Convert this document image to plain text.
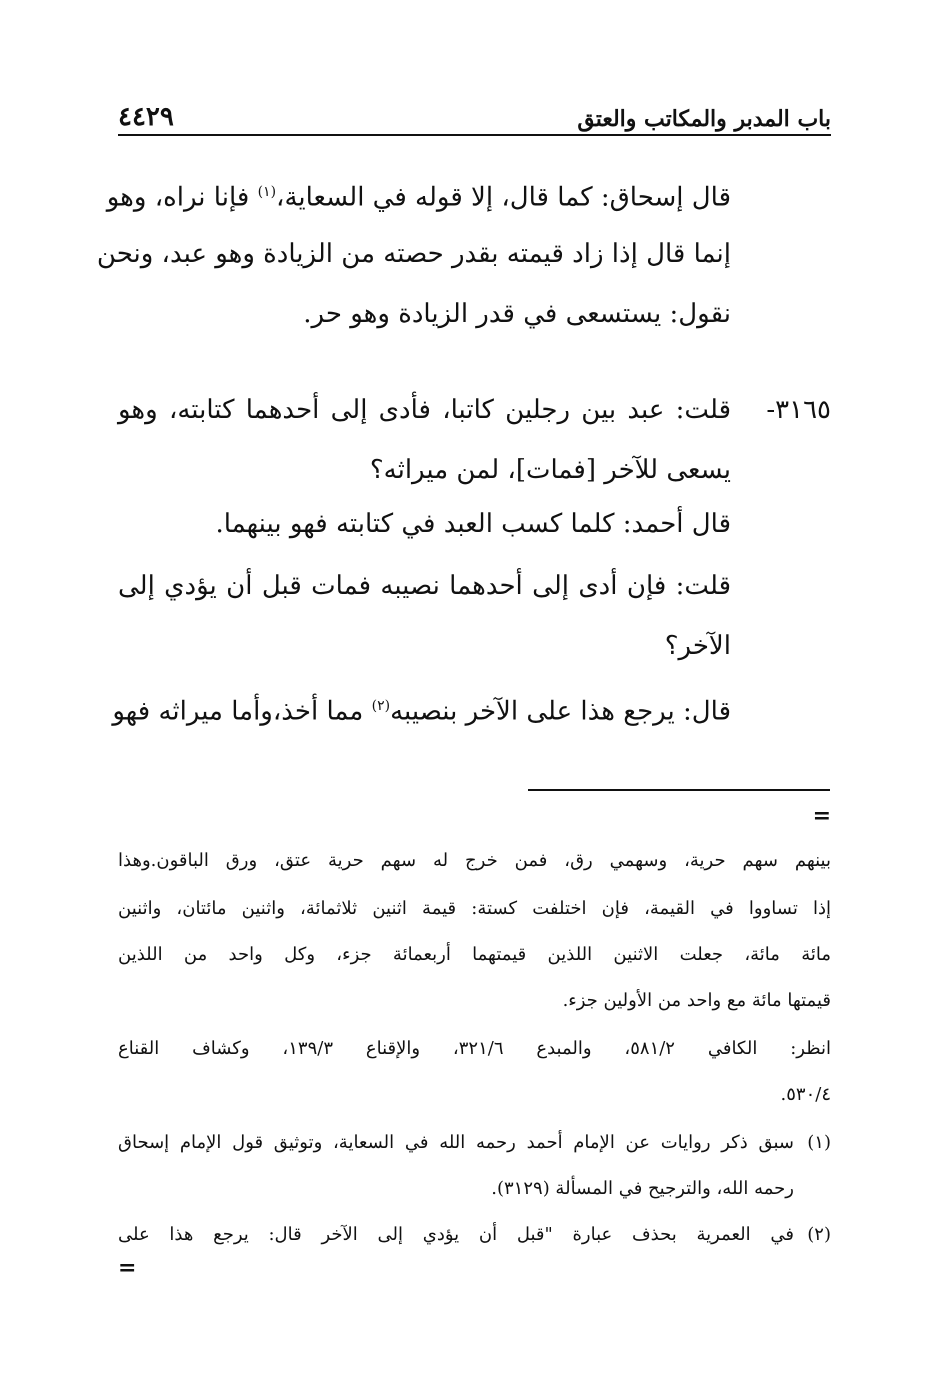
باب المدبر والمكاتب والعتق
٤٤٢٩
قال إسحاق: كما قال، إلا قوله في السعاية،$^{(١)}$ فإنا نراه، وهو
إنما قال إذا زاد قيمته بقدر حصته من الزيادة وهو عبد، ونحن
نقول: يستسعى في قدر الزيادة وهو حر.
٣١٦٥-
قلت: عبد بين رجلين كاتبا، فأدى إلى أحدهما كتابته، وهو
يسعى للآخر [فمات]، لمن ميراثه؟
قال أحمد: كلما كسب العبد في كتابته فهو بينهما.
قلت: فإن أدى إلى أحدهما نصيبه فمات قبل أن يؤدي إلى
الآخر؟
قال: يرجع هذا على الآخر بنصيبه$^{(٢)}$ مما أخذ،وأما ميراثه فهو
=
بينهم سهم حرية، وسهمي رق، فمن خرج له سهم حرية عتق، ورق الباقون.وهذا
إذا تساووا في القيمة، فإن اختلفت كستة: قيمة اثنين ثلاثمائة، واثنين مائتان، واثنين
مائة مائة، جعلت الاثنين اللذين قيمتهما أربعمائة جزء، وكل واحد من اللذين
قيمتها مائة مع واحد من الأولين جزء.
انظر: الكافي ٥٨١/٢، والمبدع ٣٢١/٦، والإقناع ١٣٩/٣، وكشاف القناع
٥٣٠/٤.
(١)
سبق ذكر روايات عن الإمام أحمد رحمه الله في السعاية، وتوثيق قول الإمام إسحاق
رحمه الله، والترجيح في المسألة (٣١٢٩).
(٢)
في العمرية بحذف عبارة "قبل أن يؤدي إلى الآخر قال: يرجع هذا على
=
